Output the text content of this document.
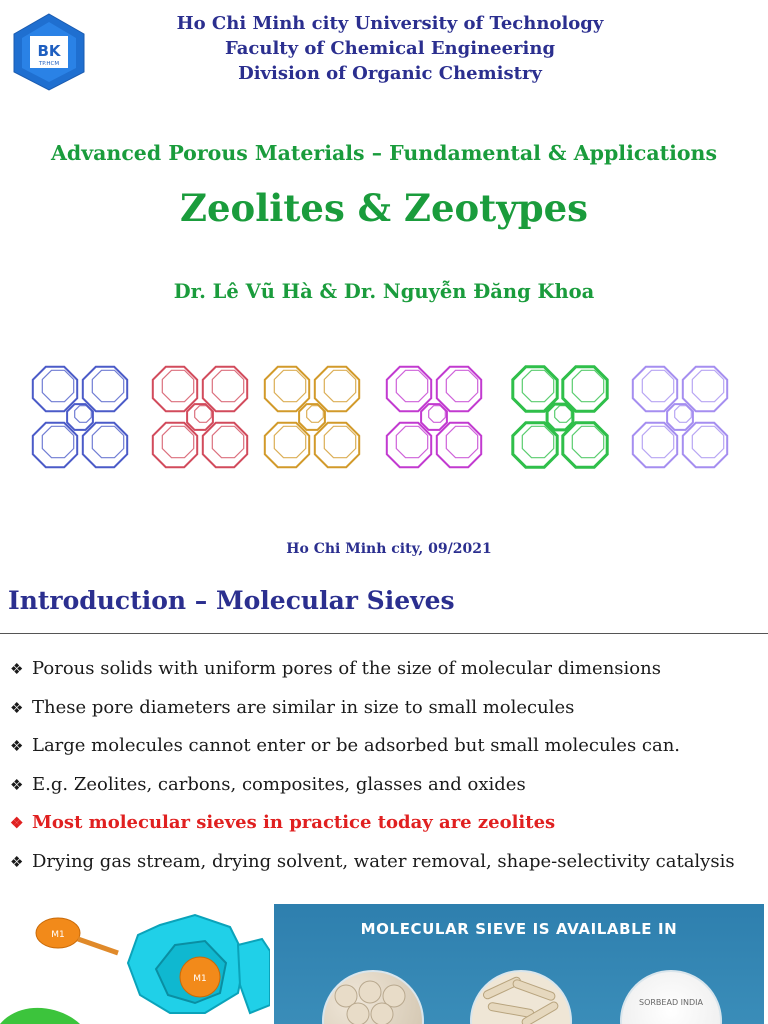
BK
TP.HCM
Ho Chi Minh city University of Technology
Faculty of Chemical Engineering
Division of Organic Chemistry
Advanced Porous Materials – Fundamental & Applications
Zeolites & Zeotypes
Dr. Lê Vũ Hà & Dr. Nguyễn Đăng Khoa
Ho Chi Minh city, 09/2021
Introduction – Molecular Sieves
❖ Porous solids with uniform pores of the size of molecular dimensions
❖ These pore diameters are similar in size to small molecules
❖ Large molecules cannot enter or be adsorbed but small molecules can.
❖ E.g. Zeolites, carbons, composites, glasses and oxides
❖ Most molecular sieves in practice today are zeolites
❖ Drying gas stream, drying solvent, water removal, shape-selectivity catalysis
M1
M1
MOLECULAR SIEVE IS AVAILABLE IN
SORBEAD INDIA
